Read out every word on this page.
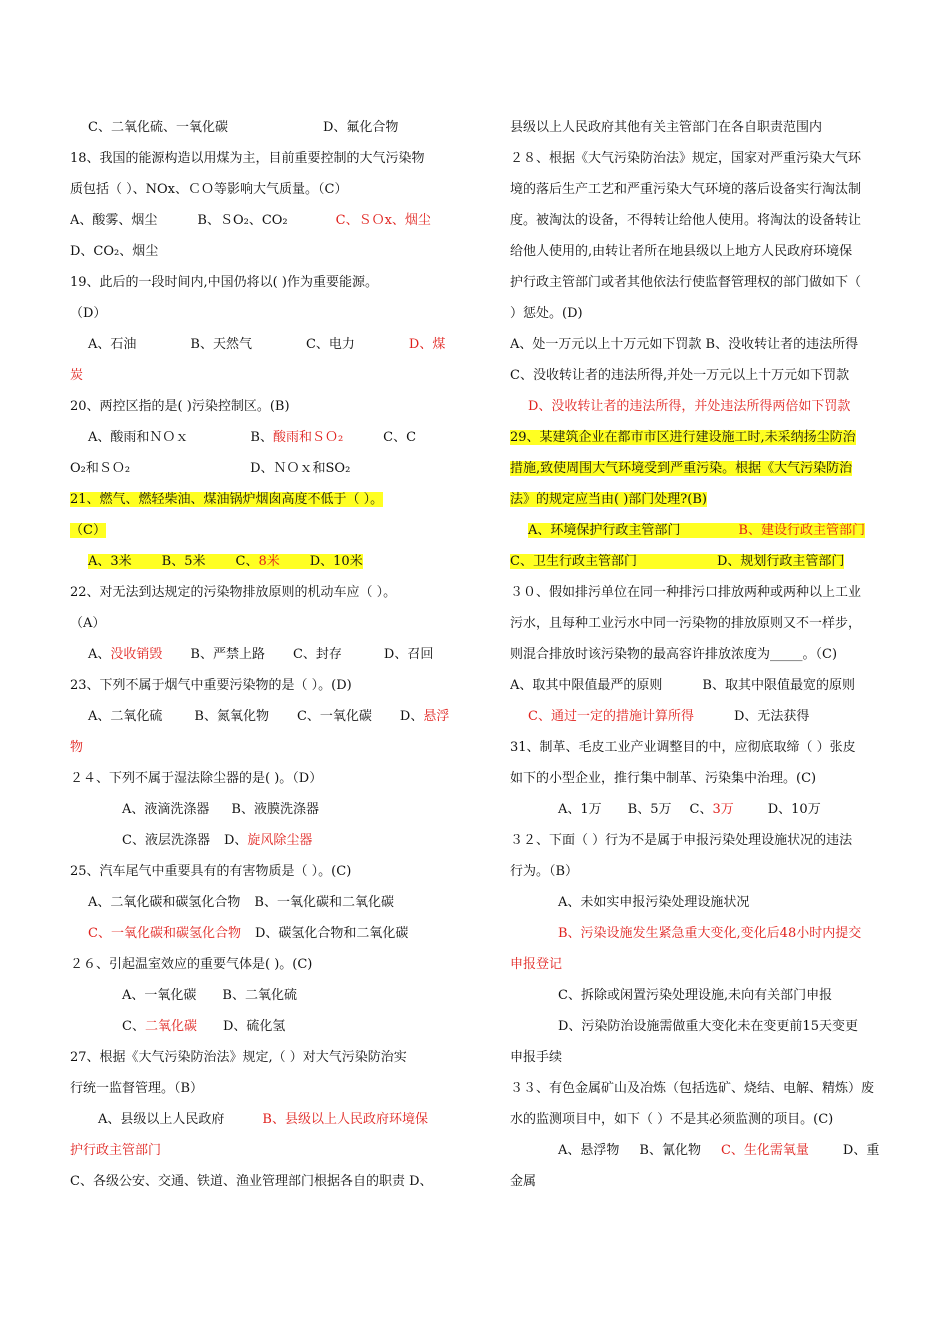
C、二氧化硫、一氧化碳	D、氟化合物
18、我国的能源构造以用煤为主，目前重要控制的大气污染物
质包括（ ）、NOx、ＣＯ等影响大气质量。（C）
A、酸雾、烟尘	B、ＳO₂、CO₂	C、ＳＯx、烟尘
D、CO₂、烟尘
19、此后的一段时间内,中国仍将以( )作为重要能源。
（D）
A、石油	B、天然气	C、电力	D、煤
炭
20、两控区指的是( )污染控制区。(B)
A、酸雨和ＮＯｘ	B、酸雨和ＳＯ₂	C、C
O₂和ＳＯ₂	D、ＮＯｘ和SO₂
21、燃气、燃轻柴油、煤油锅炉烟囱高度不低于（ ）。
（C）
A、3米 B、5米 C、8米 D、10米
22、对无法到达规定的污染物排放原则的机动车应（ ）。
（A）
A、没收销毁 B、严禁上路 C、封存	D、召回
23、下列不属于烟气中重要污染物的是（ ）。(D)
A、二氧化硫 B、氮氧化物 C、一氧化碳 D、悬浮
物
２４、下列不属于湿法除尘器的是( )。（D）
A、液滴洗涤器 B、液膜洗涤器
C、液层洗涤器 D、旋风除尘器
25、汽车尾气中重要具有的有害物质是（ ）。(C)
A、二氧化碳和碳氢化合物 B、一氧化碳和二氧化碳
C、一氧化碳和碳氢化合物 D、碳氢化合物和二氧化碳
２６、引起温室效应的重要气体是( )。(C)
A、一氧化碳 B、二氧化硫
C、二氧化碳 D、硫化氢
27、根据《大气污染防治法》规定,（ ）对大气污染防治实
行统一监督管理。（B）
A、县级以上人民政府	B、县级以上人民政府环境保
护行政主管部门
C、各级公安、交通、铁道、渔业管理部门根据各自的职责 D、
县级以上人民政府其他有关主管部门在各自职责范围内
２８、根据《大气污染防治法》规定，国家对严重污染大气环
境的落后生产工艺和严重污染大气环境的落后设备实行淘汰制
度。被淘汰的设备，不得转让给他人使用。将淘汰的设备转让
给他人使用的,由转让者所在地县级以上地方人民政府环境保
护行政主管部门或者其他依法行使监督管理权的部门做如下（
）惩处。(D)
A、处一万元以上十万元如下罚款 B、没收转让者的违法所得
C、没收转让者的违法所得,并处一万元以上十万元如下罚款
D、没收转让者的违法所得，并处违法所得两倍如下罚款
29、某建筑企业在都市市区进行建设施工时,未采纳扬尘防治
措施,致使周围大气环境受到严重污染。根据《大气污染防治
法》的规定应当由( )部门处理?(B)
A、环境保护行政主管部门	B、建设行政主管部门
C、卫生行政主管部门	D、规划行政主管部门
３０、假如排污单位在同一种排污口排放两种或两种以上工业
污水，且每种工业污水中同一污染物的排放原则又不一样步，
则混合排放时该污染物的最高容许排放浓度为_____。（C)
A、取其中限值最严的原则	B、取其中限值最宽的原则
C、通过一定的措施计算所得	D、无法获得
31、制革、毛皮工业产业调整目的中，应彻底取缔（ ）张皮
如下的小型企业，推行集中制革、污染集中治理。(C)
A、1万 B、5万 C、3万	D、10万
３２、下面（ ）行为不是属于申报污染处理设施状况的违法
行为。（B）
A、未如实申报污染处理设施状况
B、污染设施发生紧急重大变化,变化后48小时内提交
申报登记
C、拆除或闲置污染处理设施,未向有关部门申报
D、污染防治设施需做重大变化未在变更前15天变更
申报手续
３３、有色金属矿山及冶炼（包括选矿、烧结、电解、精炼）废
水的监测项目中，如下（ ）不是其必须监测的项目。(C)
A、悬浮物 B、氰化物 C、生化需氧量	D、重
金属
